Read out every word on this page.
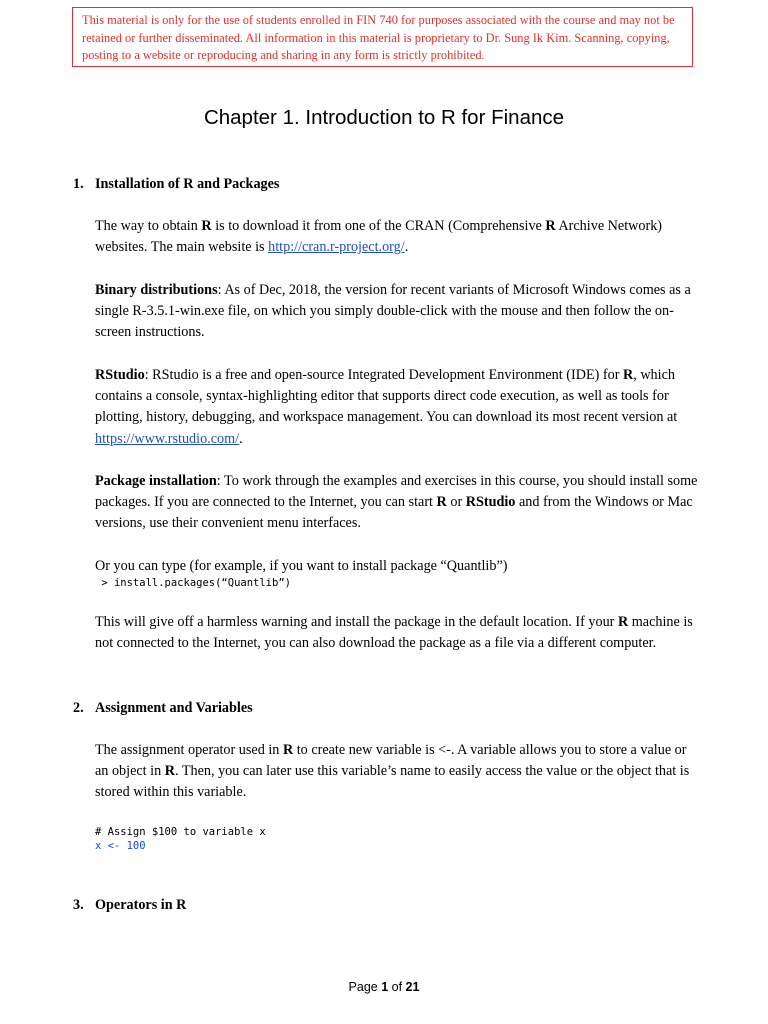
This material is only for the use of students enrolled in FIN 740 for purposes associated with the course and may not be retained or further disseminated. All information in this material is proprietary to Dr. Sung Ik Kim. Scanning, copying, posting to a website or reproducing and sharing in any form is strictly prohibited.
Chapter 1. Introduction to R for Finance
1. Installation of R and Packages

The way to obtain R is to download it from one of the CRAN (Comprehensive R Archive Network) websites. The main website is http://cran.r-project.org/.

Binary distributions: As of Dec, 2018, the version for recent variants of Microsoft Windows comes as a single R-3.5.1-win.exe file, on which you simply double-click with the mouse and then follow the on-screen instructions.

RStudio: RStudio is a free and open-source Integrated Development Environment (IDE) for R, which contains a console, syntax-highlighting editor that supports direct code execution, as well as tools for plotting, history, debugging, and workspace management. You can download its most recent version at https://www.rstudio.com/.

Package installation: To work through the examples and exercises in this course, you should install some packages. If you are connected to the Internet, you can start R or RStudio and from the Windows or Mac versions, use their convenient menu interfaces.

Or you can type (for example, if you want to install package “Quantlib”)

> install.packages(“Quantlib”)

This will give off a harmless warning and install the package in the default location. If your R machine is not connected to the Internet, you can also download the package as a file via a different computer.

2. Assignment and Variables

The assignment operator used in R to create new variable is <-. A variable allows you to store a value or an object in R. Then, you can later use this variable’s name to easily access the value or the object that is stored within this variable.

# Assign $100 to variable x
x <- 100
3. Operators in R
Page 1 of 21
